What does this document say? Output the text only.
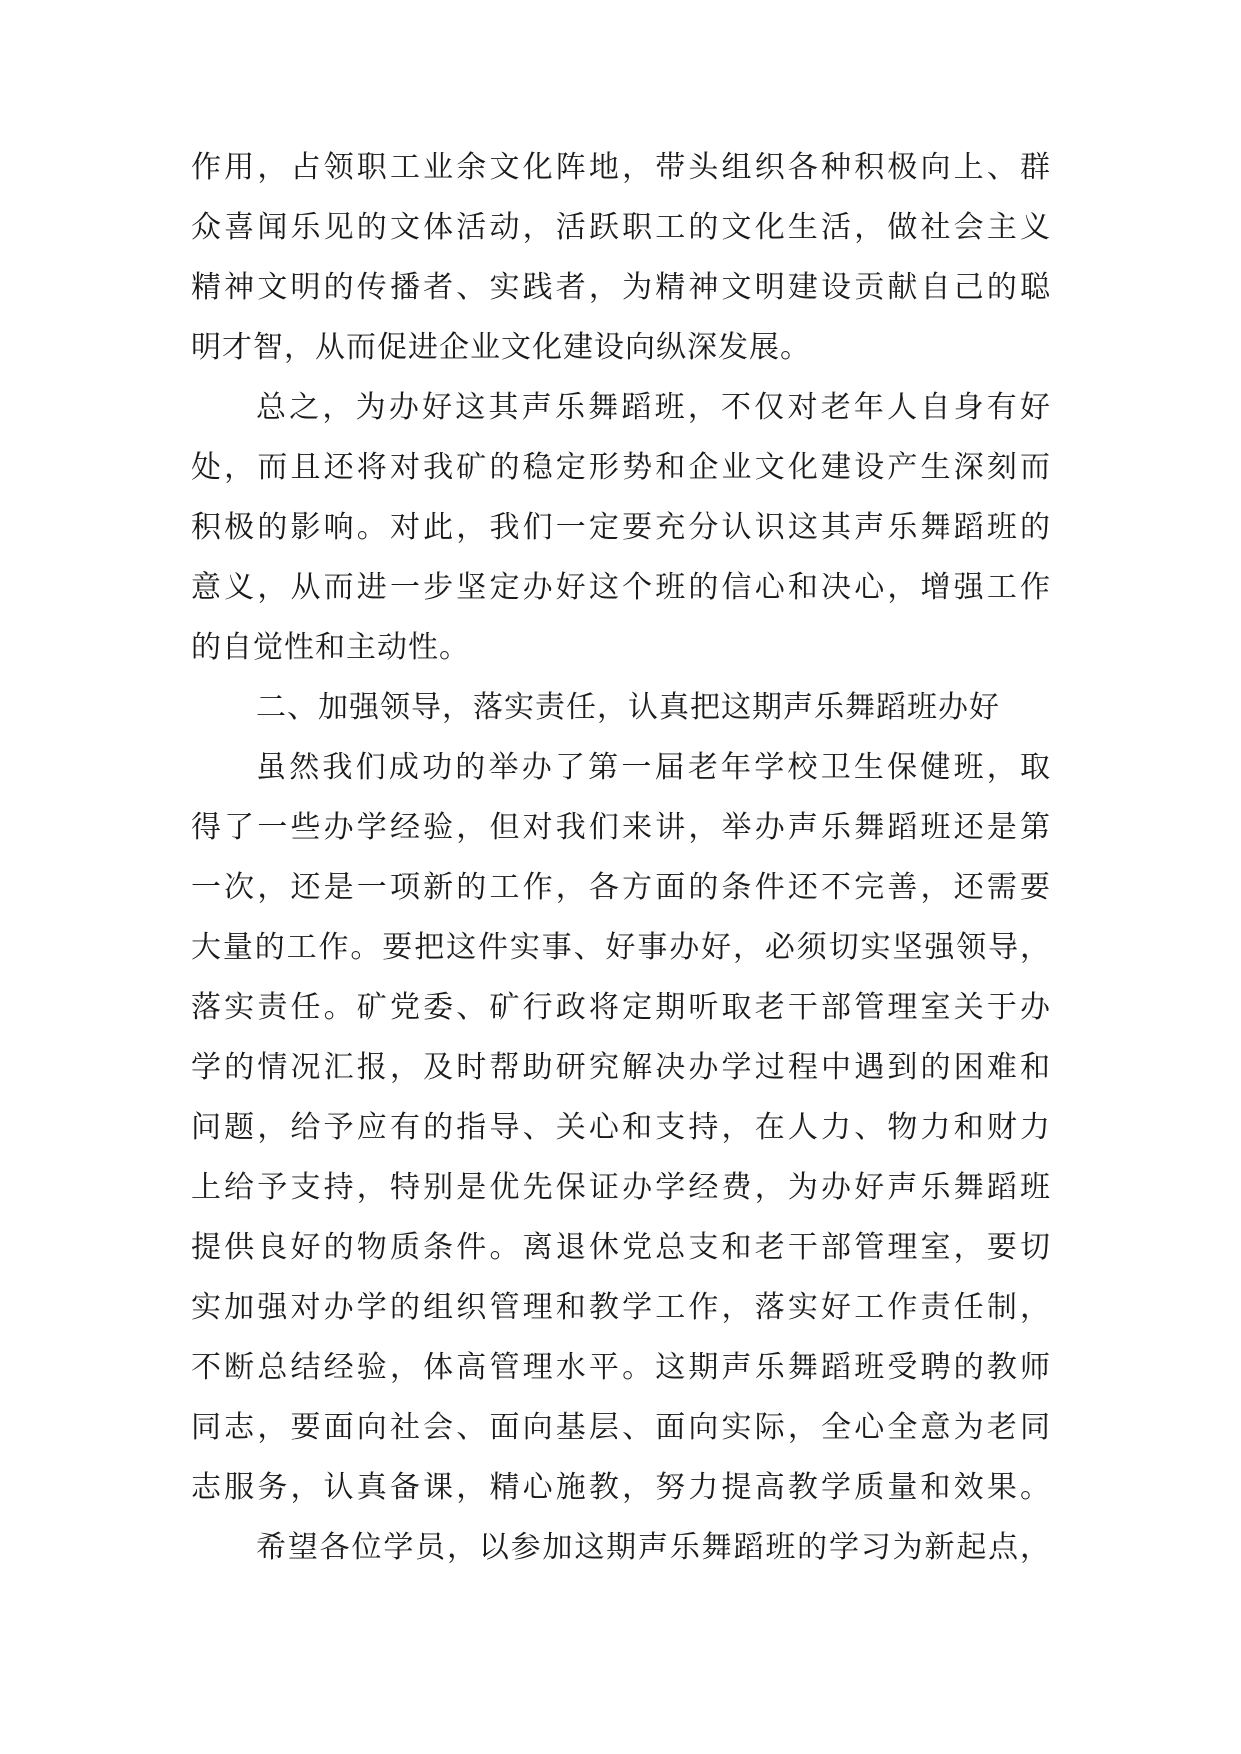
作用，占领职工业余文化阵地，带头组织各种积极向上、群

众喜闻乐见的文体活动，活跃职工的文化生活，做社会主义

精神文明的传播者、实践者，为精神文明建设贡献自己的聪

明才智，从而促进企业文化建设向纵深发展。

总之，为办好这其声乐舞蹈班，不仅对老年人自身有好

处，而且还将对我矿的稳定形势和企业文化建设产生深刻而

积极的影响。对此，我们一定要充分认识这其声乐舞蹈班的

意义，从而进一步坚定办好这个班的信心和决心，增强工作

的自觉性和主动性。

二、加强领导，落实责任，认真把这期声乐舞蹈班办好

虽然我们成功的举办了第一届老年学校卫生保健班，取

得了一些办学经验，但对我们来讲，举办声乐舞蹈班还是第

一次，还是一项新的工作，各方面的条件还不完善，还需要

大量的工作。要把这件实事、好事办好，必须切实坚强领导，

落实责任。矿党委、矿行政将定期听取老干部管理室关于办

学的情况汇报，及时帮助研究解决办学过程中遇到的困难和

问题，给予应有的指导、关心和支持，在人力、物力和财力

上给予支持，特别是优先保证办学经费，为办好声乐舞蹈班

提供良好的物质条件。离退休党总支和老干部管理室，要切

实加强对办学的组织管理和教学工作，落实好工作责任制，

不断总结经验，体高管理水平。这期声乐舞蹈班受聘的教师

同志，要面向社会、面向基层、面向实际，全心全意为老同

志服务，认真备课，精心施教，努力提高教学质量和效果。

希望各位学员，以参加这期声乐舞蹈班的学习为新起点，
